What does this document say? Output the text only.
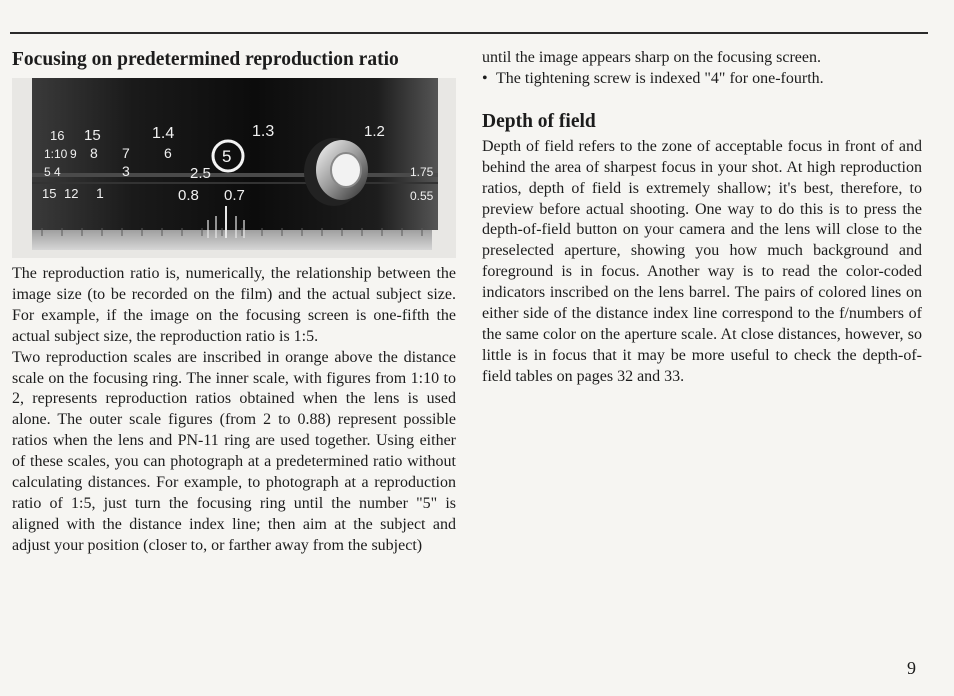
Focusing on predetermined reproduction ratio
16 15	1.4	1.3	1.2
1:10 9 8 7 6
5 4	3	2.5
15 12 1	0.8 0.7
1.75
0.55
5

The reproduction ratio is, numerically, the relationship between the image size (to be recorded on the film) and the actual subject size. For example, if the image on the focusing screen is one-fifth the actual subject size, the reproduction ratio is 1:5.

Two reproduction scales are inscribed in orange above the distance scale on the focusing ring. The inner scale, with figures from 1:10 to 2, represents reproduction ratios obtained when the lens is used alone. The outer scale figures (from 2 to 0.88) represent possible ratios when the lens and PN-11 ring are used together. Using either of these scales, you can photograph at a predetermined ratio without calculating distances. For example, to photograph at a reproduction ratio of 1:5, just turn the focusing ring until the number "5" is aligned with the distance index line; then aim at the subject and adjust your position (closer to, or farther away from the subject)

until the image appears sharp on the focusing screen.

• The tightening screw is indexed "4" for one-fourth.

Depth of field

Depth of field refers to the zone of acceptable focus in front of and behind the area of sharpest focus in your shot. At high reproduction ratios, depth of field is extremely shallow; it's best, therefore, to preview before actual shooting. One way to do this is to press the depth-of-field button on your camera and the lens will close to the preselected aperture, showing you how much background and foreground is in focus. Another way is to read the color-coded indicators inscribed on the lens barrel. The pairs of colored lines on either side of the distance index line correspond to the f/numbers of the same color on the aperture scale. At close distances, however, so little is in focus that it may be more useful to check the depth-of-field tables on pages 32 and 33.

9
